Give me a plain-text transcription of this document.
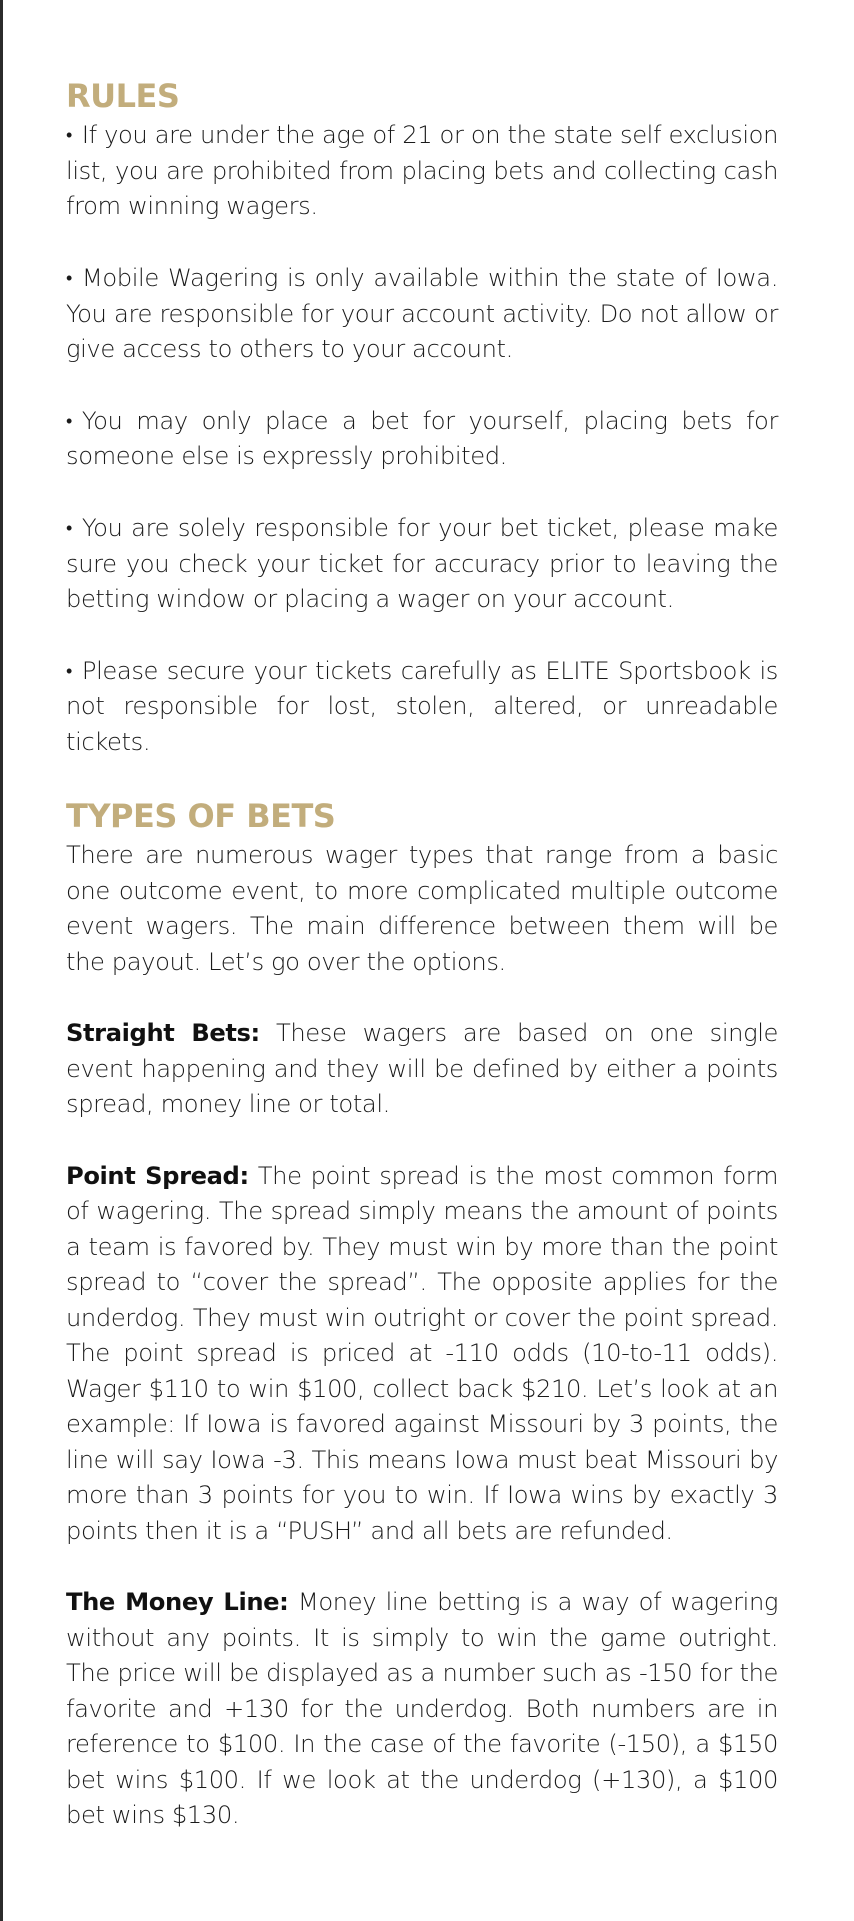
RULES

• If you are under the age of 21 or on the state self exclusion list, you are prohibited from placing bets and collecting cash from winning wagers.

• Mobile Wagering is only available within the state of Iowa. You are responsible for your account activity. Do not allow or give access to others to your account.

• You may only place a bet for yourself, placing bets for someone else is expressly prohibited.

• You are solely responsible for your bet ticket, please make sure you check your ticket for accuracy prior to leaving the betting window or placing a wager on your account.

• Please secure your tickets carefully as ELITE Sportsbook is not responsible for lost, stolen, altered, or unreadable tickets.

TYPES OF BETS

There are numerous wager types that range from a basic one outcome event, to more complicated multiple outcome event wagers. The main difference between them will be the payout. Let’s go over the options.

Straight Bets: These wagers are based on one single event happening and they will be defined by either a points spread, money line or total.

Point Spread: The point spread is the most common form of wagering. The spread simply means the amount of points a team is favored by. They must win by more than the point spread to “cover the spread”. The opposite applies for the underdog. They must win outright or cover the point spread. The point spread is priced at -110 odds (10-to-11 odds). Wager $110 to win $100, collect back $210. Let’s look at an example: If Iowa is favored against Missouri by 3 points, the line will say Iowa -3. This means Iowa must beat Missouri by more than 3 points for you to win. If Iowa wins by exactly 3 points then it is a “PUSH” and all bets are refunded.

The Money Line: Money line betting is a way of wagering without any points. It is simply to win the game outright. The price will be displayed as a number such as -150 for the favorite and +130 for the underdog. Both numbers are in reference to $100. In the case of the favorite (-150), a $150 bet wins $100. If we look at the underdog (+130), a $100 bet wins $130.
